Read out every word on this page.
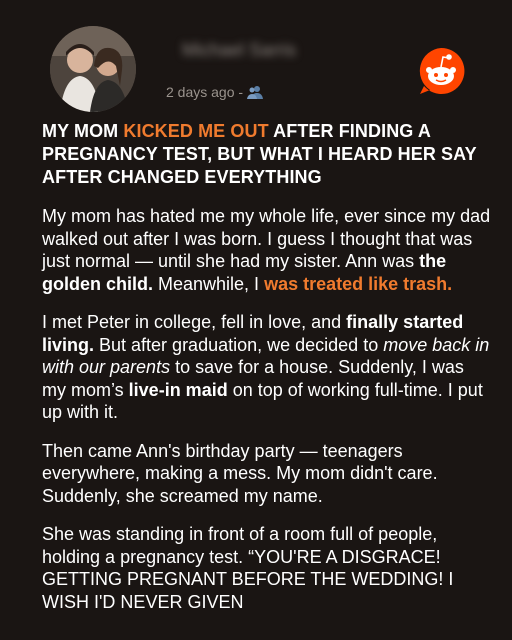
Michael Sarris
2 days ago -
MY MOM KICKED ME OUT AFTER FINDING A PREGNANCY TEST, BUT WHAT I HEARD HER SAY AFTER CHANGED EVERYTHING

My mom has hated me my whole life, ever since my dad walked out after I was born. I guess I thought that was just normal — until she had my sister. Ann was the golden child. Meanwhile, I was treated like trash.

I met Peter in college, fell in love, and finally started living. But after graduation, we decided to move back in with our parents to save for a house. Suddenly, I was my mom’s live-in maid on top of working full-time. I put up with it.

Then came Ann's birthday party — teenagers everywhere, making a mess. My mom didn't care. Suddenly, she screamed my name.

She was standing in front of a room full of people, holding a pregnancy test. “YOU'RE A DISGRACE! GETTING PREGNANT BEFORE THE WEDDING! I WISH I'D NEVER GIVEN
